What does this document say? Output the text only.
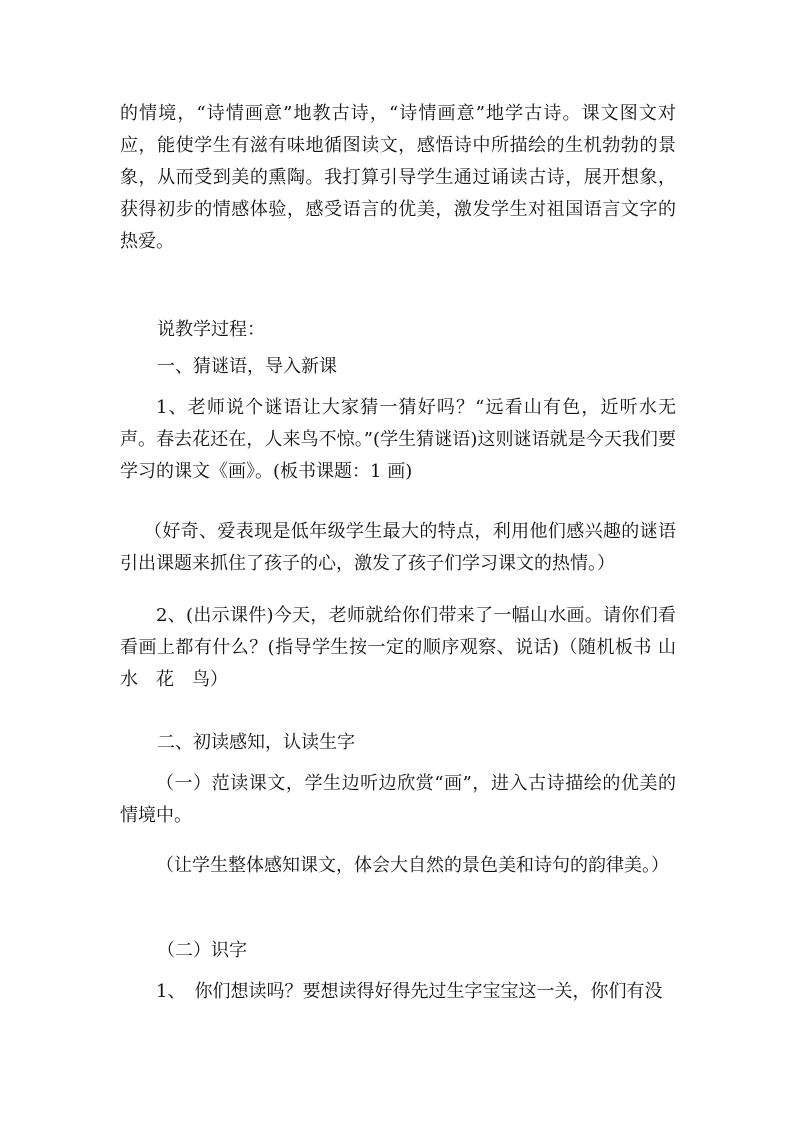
的情境，“诗情画意”地教古诗，“诗情画意”地学古诗。课文图文对应，能使学生有滋有味地循图读文，感悟诗中所描绘的生机勃勃的景象，从而受到美的熏陶。我打算引导学生通过诵读古诗，展开想象，获得初步的情感体验，感受语言的优美，激发学生对祖国语言文字的热爱。

说教学过程：

一、猜谜语，导入新课

1、老师说个谜语让大家猜一猜好吗？“远看山有色，近听水无声。春去花还在，人来鸟不惊。”(学生猜谜语)这则谜语就是今天我们要学习的课文《画》。(板书课题：1 画)

（好奇、爱表现是低年级学生最大的特点，利用他们感兴趣的谜语引出课题来抓住了孩子的心，激发了孩子们学习课文的热情。）

2、(出示课件)今天，老师就给你们带来了一幅山水画。请你们看看画上都有什么？(指导学生按一定的顺序观察、说话)（随机板书 山　水　花　鸟）

二、初读感知，认读生字

（一）范读课文，学生边听边欣赏“画”，进入古诗描绘的优美的情境中。

（让学生整体感知课文，体会大自然的景色美和诗句的韵律美。）

（二）识字

1、　你们想读吗？要想读得好得先过生字宝宝这一关，你们有没
